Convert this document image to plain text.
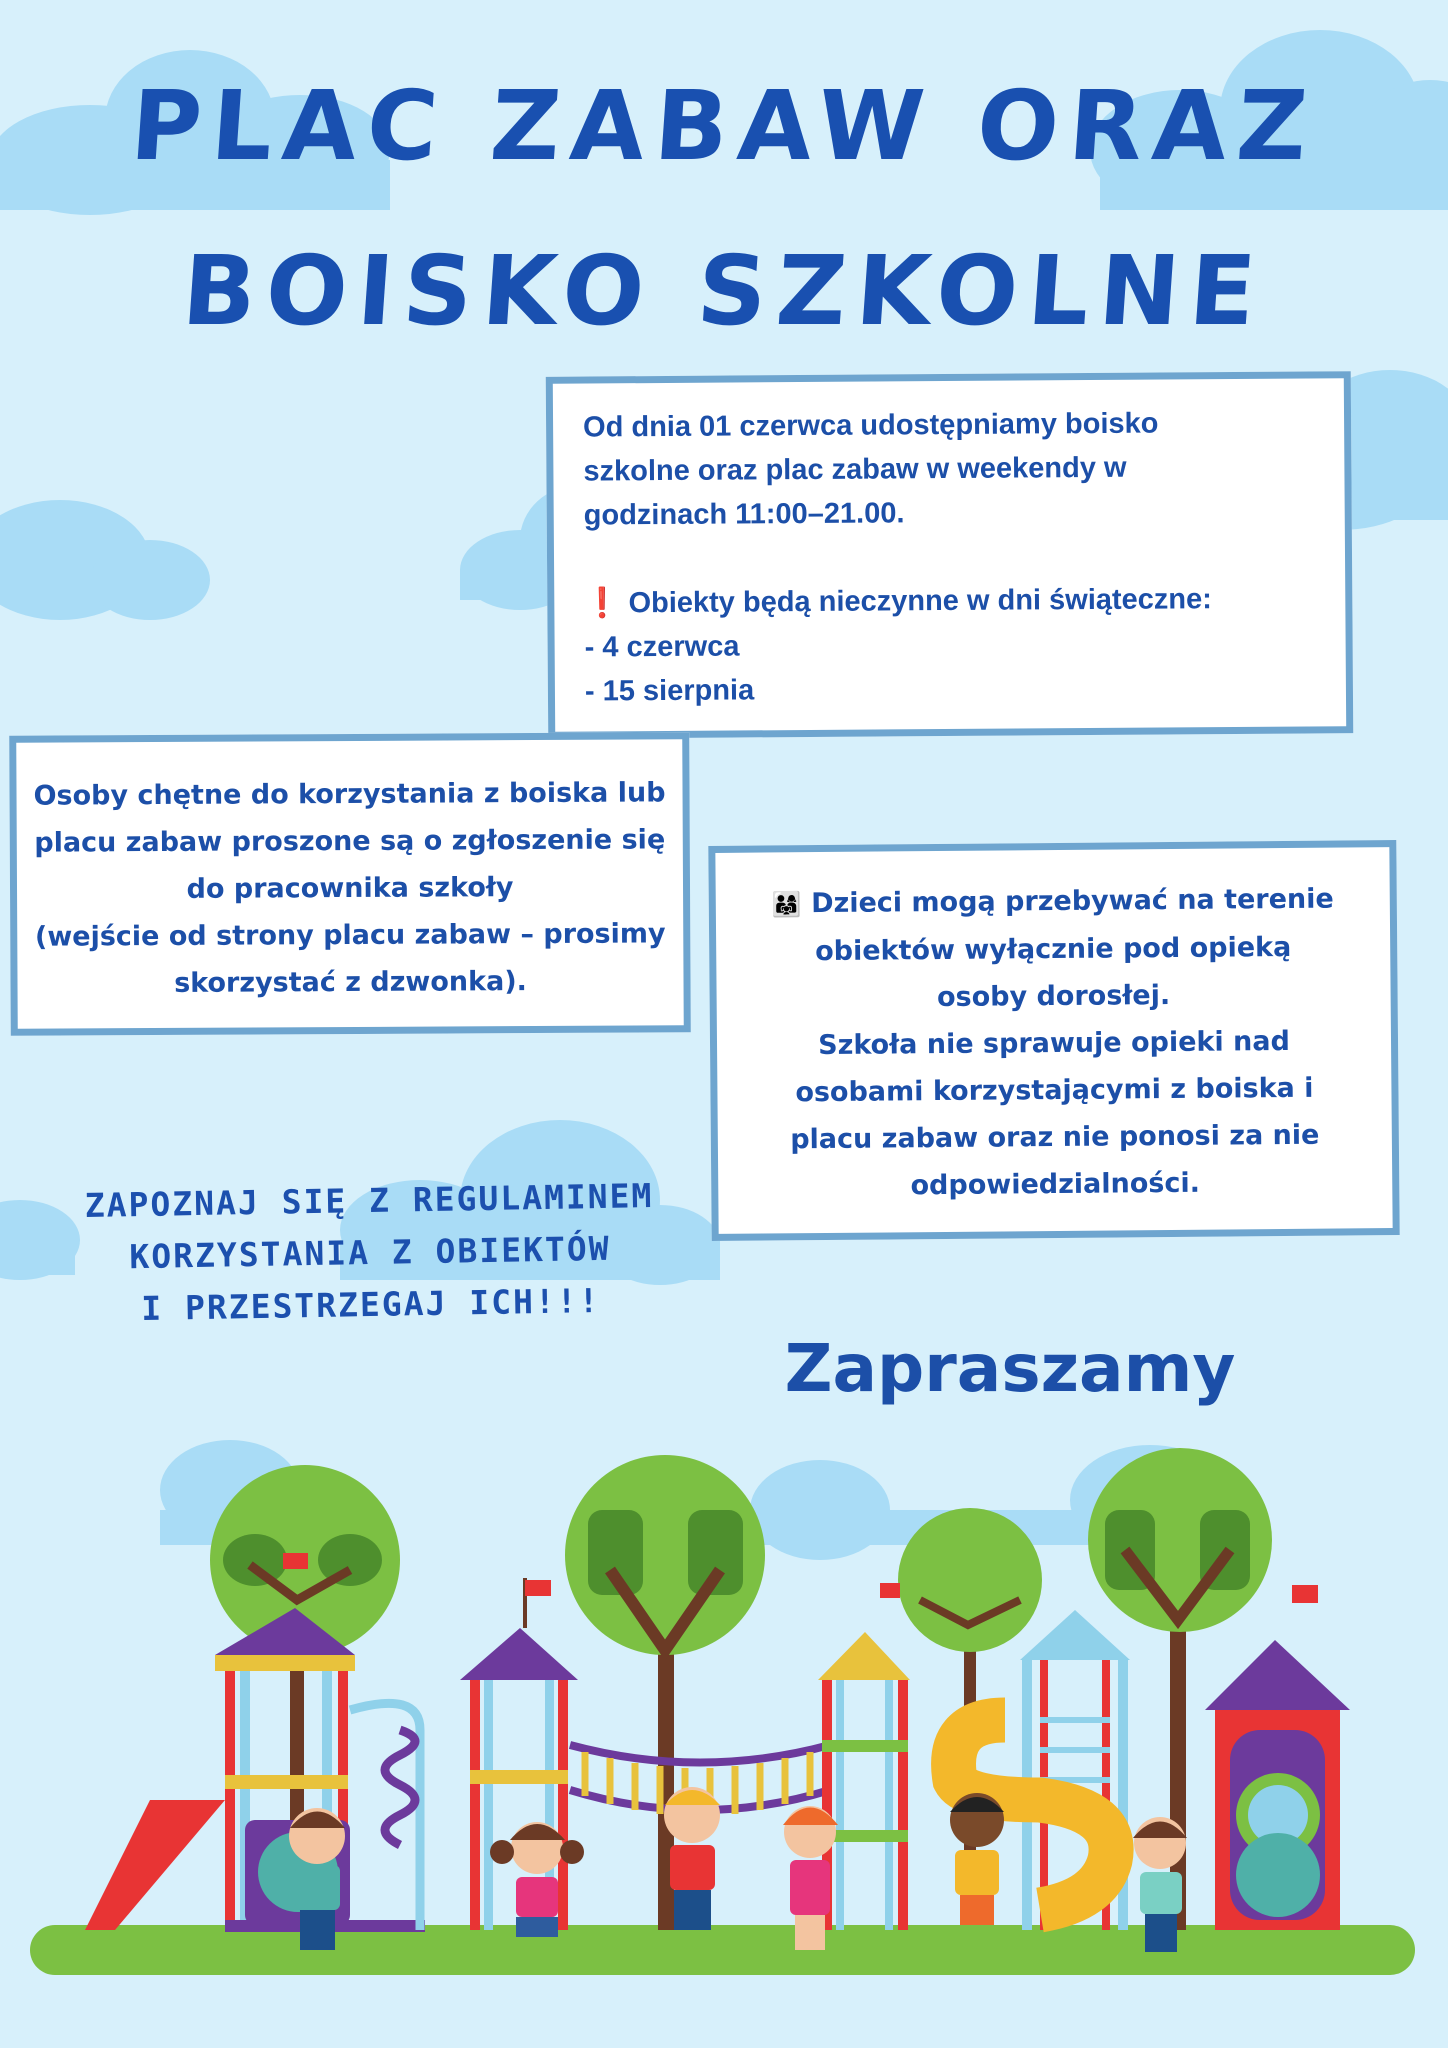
PLAC ZABAW ORAZ
BOISKO SZKOLNE
Od dnia 01 czerwca udostępniamy boisko
szkolne oraz plac zabaw w weekendy w
godzinach 11:00–21.00.
❗ Obiekty będą nieczynne w dni świąteczne:
- 4 czerwca
- 15 sierpnia
Osoby chętne do korzystania z boiska lub
placu zabaw proszone są o zgłoszenie się
do pracownika szkoły
(wejście od strony placu zabaw – prosimy
skorzystać z dzwonka).
👨‍👩‍👧 Dzieci mogą przebywać na terenie
obiektów wyłącznie pod opieką
osoby dorosłej.
Szkoła nie sprawuje opieki nad
osobami korzystającymi z boiska i
placu zabaw oraz nie ponosi za nie
odpowiedzialności.
ZAPOZNAJ SIĘ Z REGULAMINEM
KORZYSTANIA Z OBIEKTÓW
I PRZESTRZEGAJ ICH!!!
Zapraszamy
